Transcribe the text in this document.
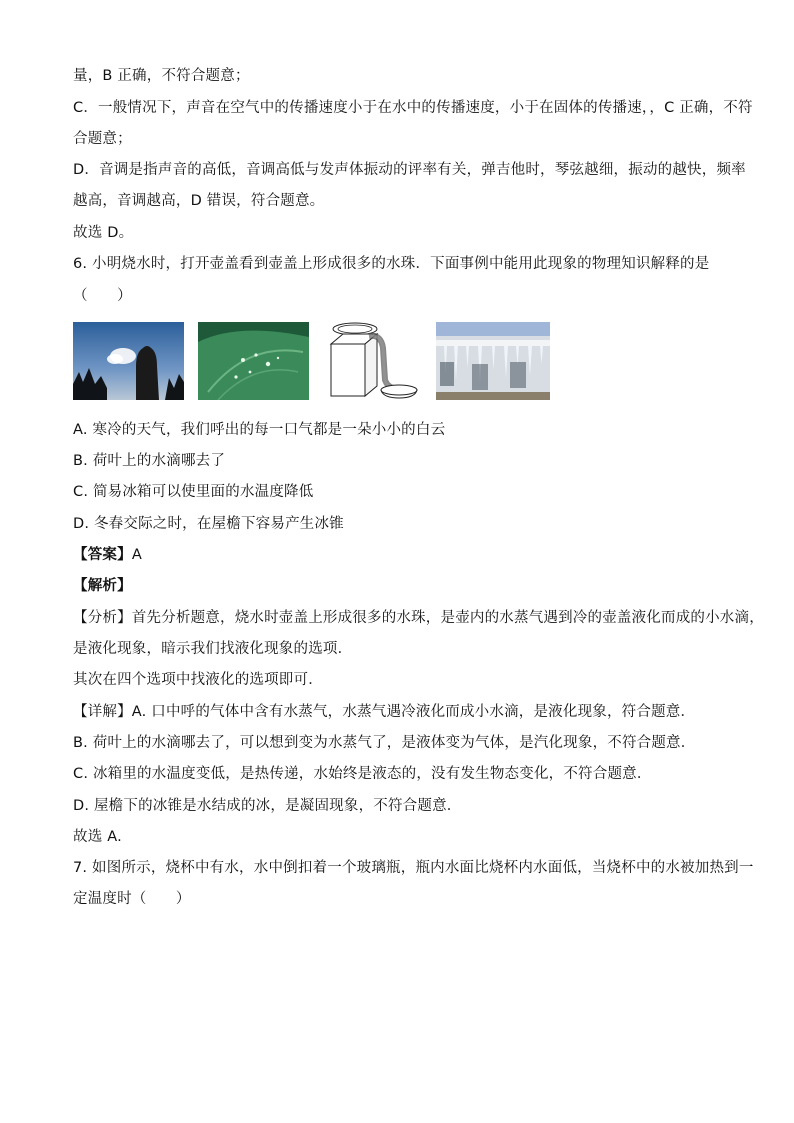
量，B 正确，不符合题意；
C．一般情况下，声音在空气中的传播速度小于在水中的传播速度，小于在固体的传播速，，C 正确，不符
合题意；
D．音调是指声音的高低，音调高低与发声体振动的评率有关，弹吉他时，琴弦越细，振动的越快，频率
越高，音调越高，D 错误，符合题意。
故选 D。
6. 小明烧水时，打开壶盖看到壶盖上形成很多的水珠．下面事例中能用此现象的物理知识解释的是
（　　）
A. 寒冷的天气，我们呼出的每一口气都是一朵小小的白云
B. 荷叶上的水滴哪去了
C. 简易冰箱可以使里面的水温度降低
D. 冬春交际之时，在屋檐下容易产生冰锥
【答案】A
【解析】
【分析】首先分析题意，烧水时壶盖上形成很多的水珠，是壶内的水蒸气遇到冷的壶盖液化而成的小水滴，
是液化现象，暗示我们找液化现象的选项．
其次在四个选项中找液化的选项即可．
【详解】A. 口中呼的气体中含有水蒸气，水蒸气遇冷液化而成小水滴，是液化现象，符合题意．
B. 荷叶上的水滴哪去了，可以想到变为水蒸气了，是液体变为气体，是汽化现象，不符合题意．
C. 冰箱里的水温度变低，是热传递，水始终是液态的，没有发生物态变化，不符合题意．
D. 屋檐下的冰锥是水结成的冰，是凝固现象，不符合题意．
故选 A.
7. 如图所示，烧杯中有水，水中倒扣着一个玻璃瓶，瓶内水面比烧杯内水面低，当烧杯中的水被加热到一
定温度时（　　）
